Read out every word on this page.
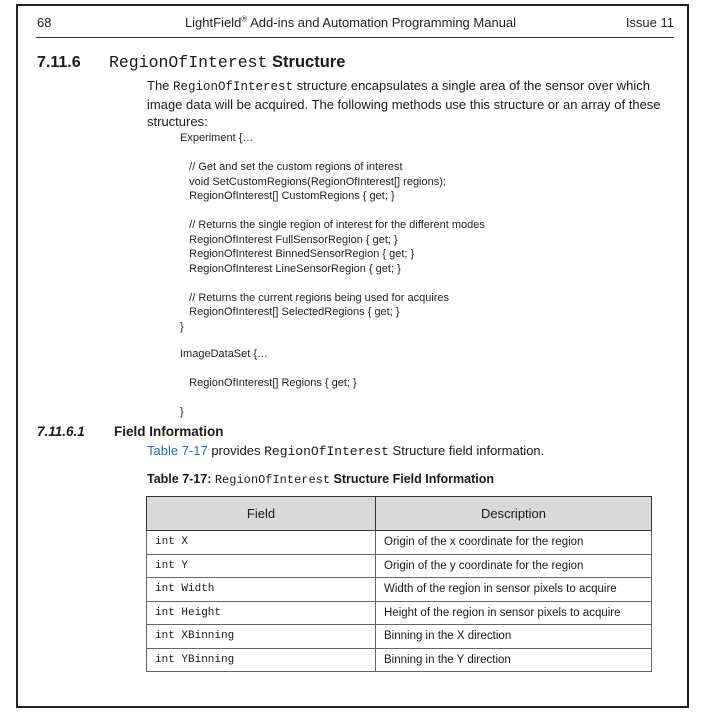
68	LightField® Add-ins and Automation Programming Manual	Issue 11
7.11.6 RegionOfInterest Structure
The RegionOfInterest structure encapsulates a single area of the sensor over which image data will be acquired. The following methods use this structure or an array of these structures:
Experiment {…
// Get and set the custom regions of interest
void SetCustomRegions(RegionOfInterest[] regions);
RegionOfInterest[] CustomRegions { get; }
// Returns the single region of interest for the different modes
RegionOfInterest FullSensorRegion { get; }
RegionOfInterest BinnedSensorRegion { get; }
RegionOfInterest LineSensorRegion { get; }
// Returns the current regions being used for acquires
RegionOfInterest[] SelectedRegions { get; }
}
ImageDataSet {…
RegionOfInterest[] Regions { get; }
}
7.11.6.1 Field Information
Table 7-17 provides RegionOfInterest Structure field information.
Table 7-17: RegionOfInterest Structure Field Information
Field	Description
int X	Origin of the x coordinate for the region
int Y	Origin of the y coordinate for the region
int Width	Width of the region in sensor pixels to acquire
int Height	Height of the region in sensor pixels to acquire
int XBinning	Binning in the X direction
int YBinning	Binning in the Y direction
